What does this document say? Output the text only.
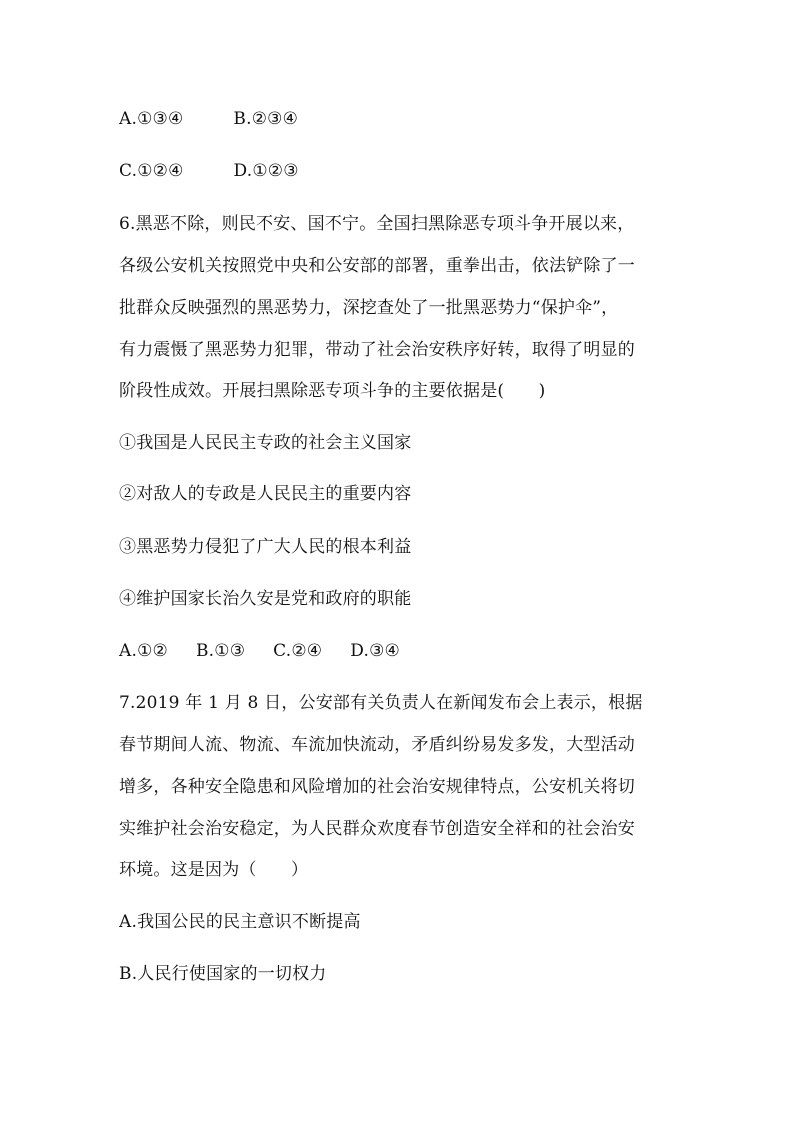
A.①③④	B.②③④
C.①②④	D.①②③
6.黑恶不除，则民不安、国不宁。全国扫黑除恶专项斗争开展以来，
各级公安机关按照党中央和公安部的部署，重拳出击，依法铲除了一
批群众反映强烈的黑恶势力，深挖查处了一批黑恶势力“保护伞”，
有力震慑了黑恶势力犯罪，带动了社会治安秩序好转，取得了明显的
阶段性成效。开展扫黑除恶专项斗争的主要依据是(　　)
①我国是人民民主专政的社会主义国家
②对敌人的专政是人民民主的重要内容
③黑恶势力侵犯了广大人民的根本利益
④维护国家长治久安是党和政府的职能
A.①② B.①③ C.②④ D.③④
7.2019 年 1 月 8 日，公安部有关负责人在新闻发布会上表示，根据
春节期间人流、物流、车流加快流动，矛盾纠纷易发多发，大型活动
增多，各种安全隐患和风险增加的社会治安规律特点，公安机关将切
实维护社会治安稳定，为人民群众欢度春节创造安全祥和的社会治安
环境。这是因为（　　）
A.我国公民的民主意识不断提高
B.人民行使国家的一切权力
